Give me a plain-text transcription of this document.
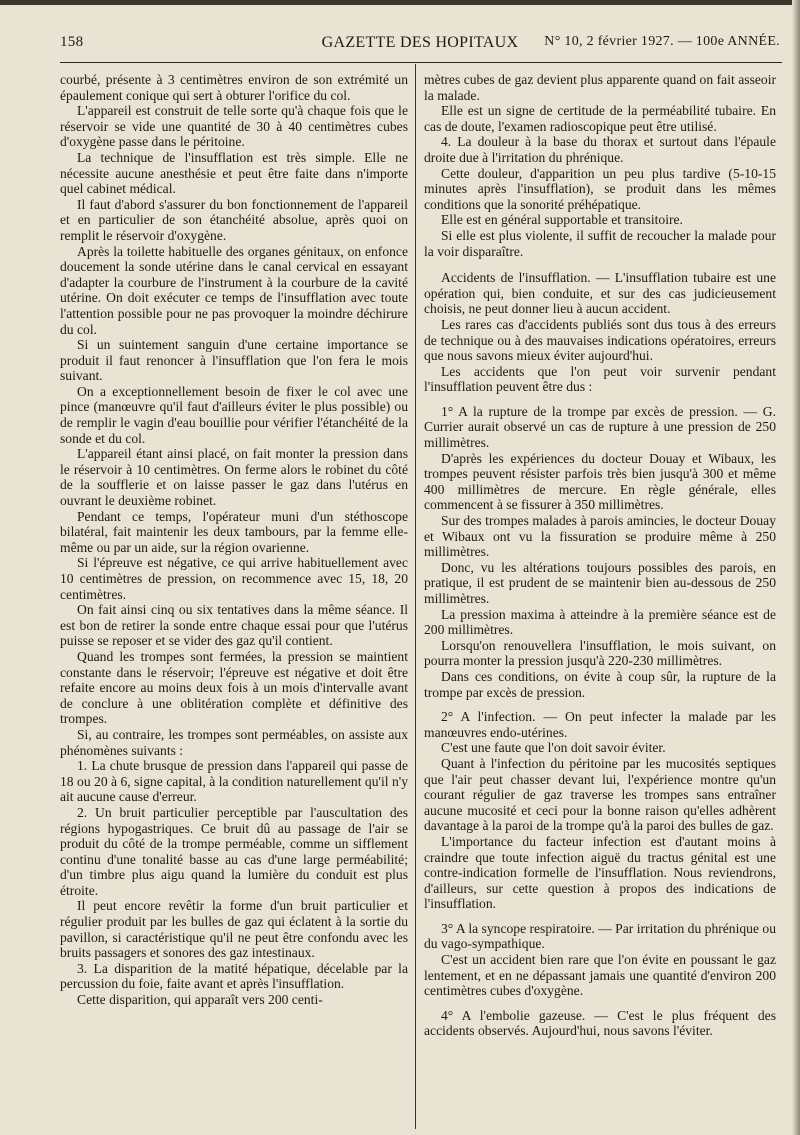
158	GAZETTE DES HOPITAUX	N° 10, 2 février 1927. — 100e ANNÉE.

courbé, présente à 3 centimètres environ de son extrémité un épaulement conique qui sert à obturer l'orifice du col.

L'appareil est construit de telle sorte qu'à chaque fois que le réservoir se vide une quantité de 30 à 40 centimètres cubes d'oxygène passe dans le péritoine.

La technique de l'insufflation est très simple. Elle ne nécessite aucune anesthésie et peut être faite dans n'importe quel cabinet médical.

Il faut d'abord s'assurer du bon fonctionnement de l'appareil et en particulier de son étanchéité absolue, après quoi on remplit le réservoir d'oxygène.

Après la toilette habituelle des organes génitaux, on enfonce doucement la sonde utérine dans le canal cervical en essayant d'adapter la courbure de l'instrument à la courbure de la cavité utérine. On doit exécuter ce temps de l'insufflation avec toute l'attention possible pour ne pas provoquer la moindre déchirure du col.

Si un suintement sanguin d'une certaine importance se produit il faut renoncer à l'insufflation que l'on fera le mois suivant.

On a exceptionnellement besoin de fixer le col avec une pince (manœuvre qu'il faut d'ailleurs éviter le plus possible) ou de remplir le vagin d'eau bouillie pour vérifier l'étanchéité de la sonde et du col.

L'appareil étant ainsi placé, on fait monter la pression dans le réservoir à 10 centimètres. On ferme alors le robinet du côté de la soufflerie et on laisse passer le gaz dans l'utérus en ouvrant le deuxième robinet.

Pendant ce temps, l'opérateur muni d'un stéthoscope bilatéral, fait maintenir les deux tambours, par la femme elle-même ou par un aide, sur la région ovarienne.

Si l'épreuve est négative, ce qui arrive habituellement avec 10 centimètres de pression, on recommence avec 15, 18, 20 centimètres.

On fait ainsi cinq ou six tentatives dans la même séance. Il est bon de retirer la sonde entre chaque essai pour que l'utérus puisse se reposer et se vider des gaz qu'il contient.

Quand les trompes sont fermées, la pression se maintient constante dans le réservoir; l'épreuve est négative et doit être refaite encore au moins deux fois à un mois d'intervalle avant de conclure à une oblitération complète et définitive des trompes.

Si, au contraire, les trompes sont perméables, on assiste aux phénomènes suivants :

1. La chute brusque de pression dans l'appareil qui passe de 18 ou 20 à 6, signe capital, à la condition naturellement qu'il n'y ait aucune cause d'erreur.

2. Un bruit particulier perceptible par l'auscultation des régions hypogastriques. Ce bruit dû au passage de l'air se produit du côté de la trompe perméable, comme un sifflement continu d'une tonalité basse au cas d'une large perméabilité; d'un timbre plus aigu quand la lumière du conduit est plus étroite.

Il peut encore revêtir la forme d'un bruit particulier et régulier produit par les bulles de gaz qui éclatent à la sortie du pavillon, si caractéristique qu'il ne peut être confondu avec les bruits passagers et sonores des gaz intestinaux.

3. La disparition de la matité hépatique, décelable par la percussion du foie, faite avant et après l'insufflation.

Cette disparition, qui apparaît vers 200 centi-

mètres cubes de gaz devient plus apparente quand on fait asseoir la malade.

Elle est un signe de certitude de la perméabilité tubaire. En cas de doute, l'examen radioscopique peut être utilisé.

4. La douleur à la base du thorax et surtout dans l'épaule droite due à l'irritation du phrénique.

Cette douleur, d'apparition un peu plus tardive (5-10-15 minutes après l'insufflation), se produit dans les mêmes conditions que la sonorité préhépatique.

Elle est en général supportable et transitoire.

Si elle est plus violente, il suffit de recoucher la malade pour la voir disparaître.

Accidents de l'insufflation. — L'insufflation tubaire est une opération qui, bien conduite, et sur des cas judicieusement choisis, ne peut donner lieu à aucun accident.

Les rares cas d'accidents publiés sont dus tous à des erreurs de technique ou à des mauvaises indications opératoires, erreurs que nous savons mieux éviter aujourd'hui.

Les accidents que l'on peut voir survenir pendant l'insufflation peuvent être dus :

1° A la rupture de la trompe par excès de pression. — G. Currier aurait observé un cas de rupture à une pression de 250 millimètres.

D'après les expériences du docteur Douay et Wibaux, les trompes peuvent résister parfois très bien jusqu'à 300 et même 400 millimètres de mercure. En règle générale, elles commencent à se fissurer à 350 millimètres.

Sur des trompes malades à parois amincies, le docteur Douay et Wibaux ont vu la fissuration se produire même à 250 millimètres.

Donc, vu les altérations toujours possibles des parois, en pratique, il est prudent de se maintenir bien au-dessous de 250 millimètres.

La pression maxima à atteindre à la première séance est de 200 millimètres.

Lorsqu'on renouvellera l'insufflation, le mois suivant, on pourra monter la pression jusqu'à 220-230 millimètres.

Dans ces conditions, on évite à coup sûr, la rupture de la trompe par excès de pression.

2° A l'infection. — On peut infecter la malade par les manœuvres endo-utérines.

C'est une faute que l'on doit savoir éviter.

Quant à l'infection du péritoine par les mucosités septiques que l'air peut chasser devant lui, l'expérience montre qu'un courant régulier de gaz traverse les trompes sans entraîner aucune mucosité et ceci pour la bonne raison qu'elles adhèrent davantage à la paroi de la trompe qu'à la paroi des bulles de gaz.

L'importance du facteur infection est d'autant moins à craindre que toute infection aiguë du tractus génital est une contre-indication formelle de l'insufflation. Nous reviendrons, d'ailleurs, sur cette question à propos des indications de l'insufflation.

3° A la syncope respiratoire. — Par irritation du phrénique ou du vago-sympathique.

C'est un accident bien rare que l'on évite en poussant le gaz lentement, et en ne dépassant jamais une quantité d'environ 200 centimètres cubes d'oxygène.

4° A l'embolie gazeuse. — C'est le plus fréquent des accidents observés. Aujourd'hui, nous savons l'éviter.
